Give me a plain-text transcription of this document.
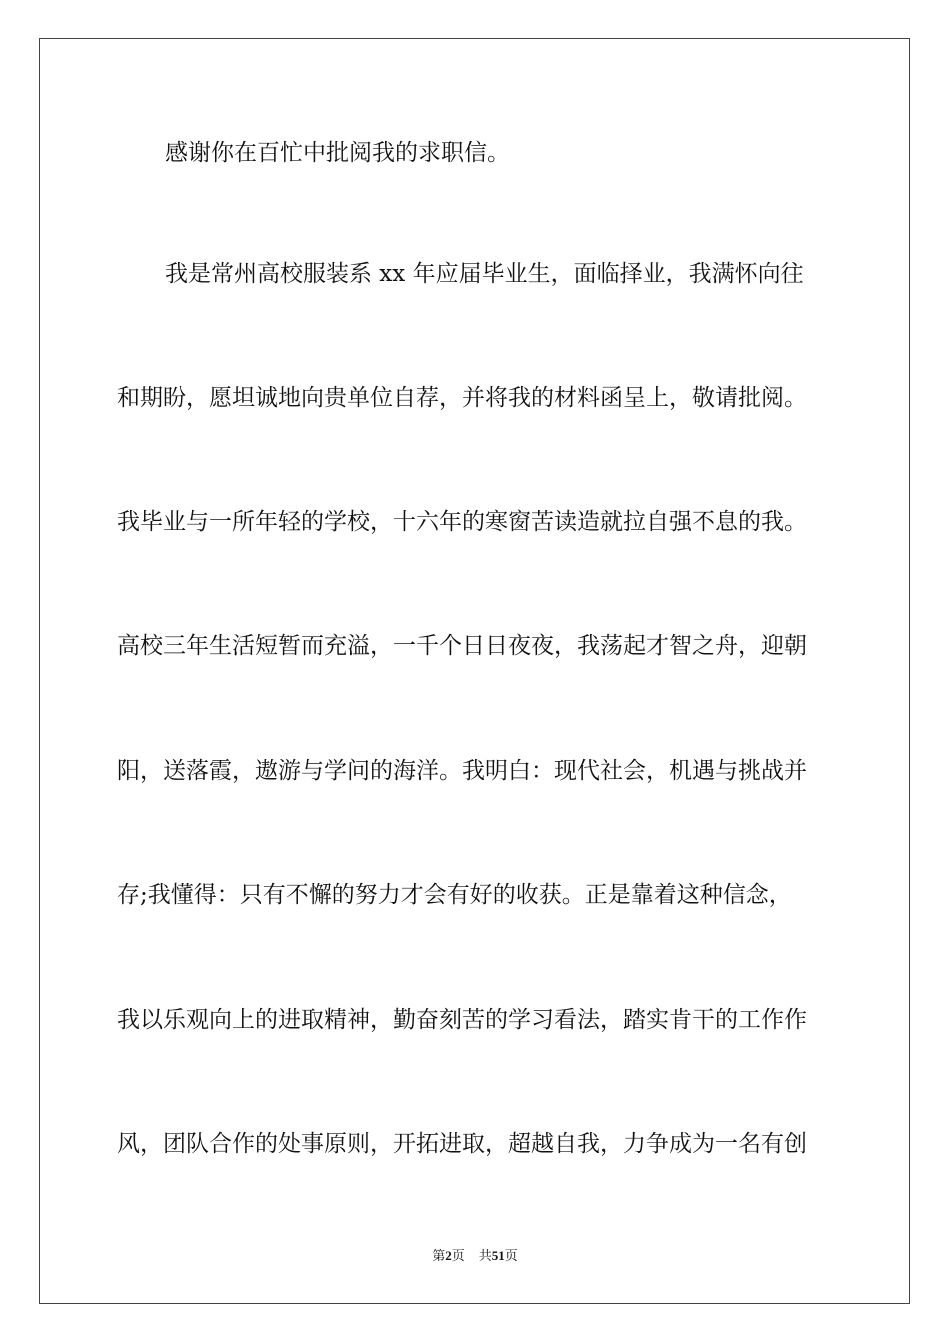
感谢你在百忙中批阅我的求职信。
我是常州高校服装系 xx 年应届毕业生，面临择业，我满怀向往
和期盼，愿坦诚地向贵单位自荐，并将我的材料函呈上，敬请批阅。
我毕业与一所年轻的学校，十六年的寒窗苦读造就拉自强不息的我。
高校三年生活短暂而充溢，一千个日日夜夜，我荡起才智之舟，迎朝
阳，送落霞，遨游与学问的海洋。我明白：现代社会，机遇与挑战并
存;我懂得：只有不懈的努力才会有好的收获。正是靠着这种信念，
我以乐观向上的进取精神，勤奋刻苦的学习看法，踏实肯干的工作作
风，团队合作的处事原则，开拓进取，超越自我，力争成为一名有创
第2页 共51页
